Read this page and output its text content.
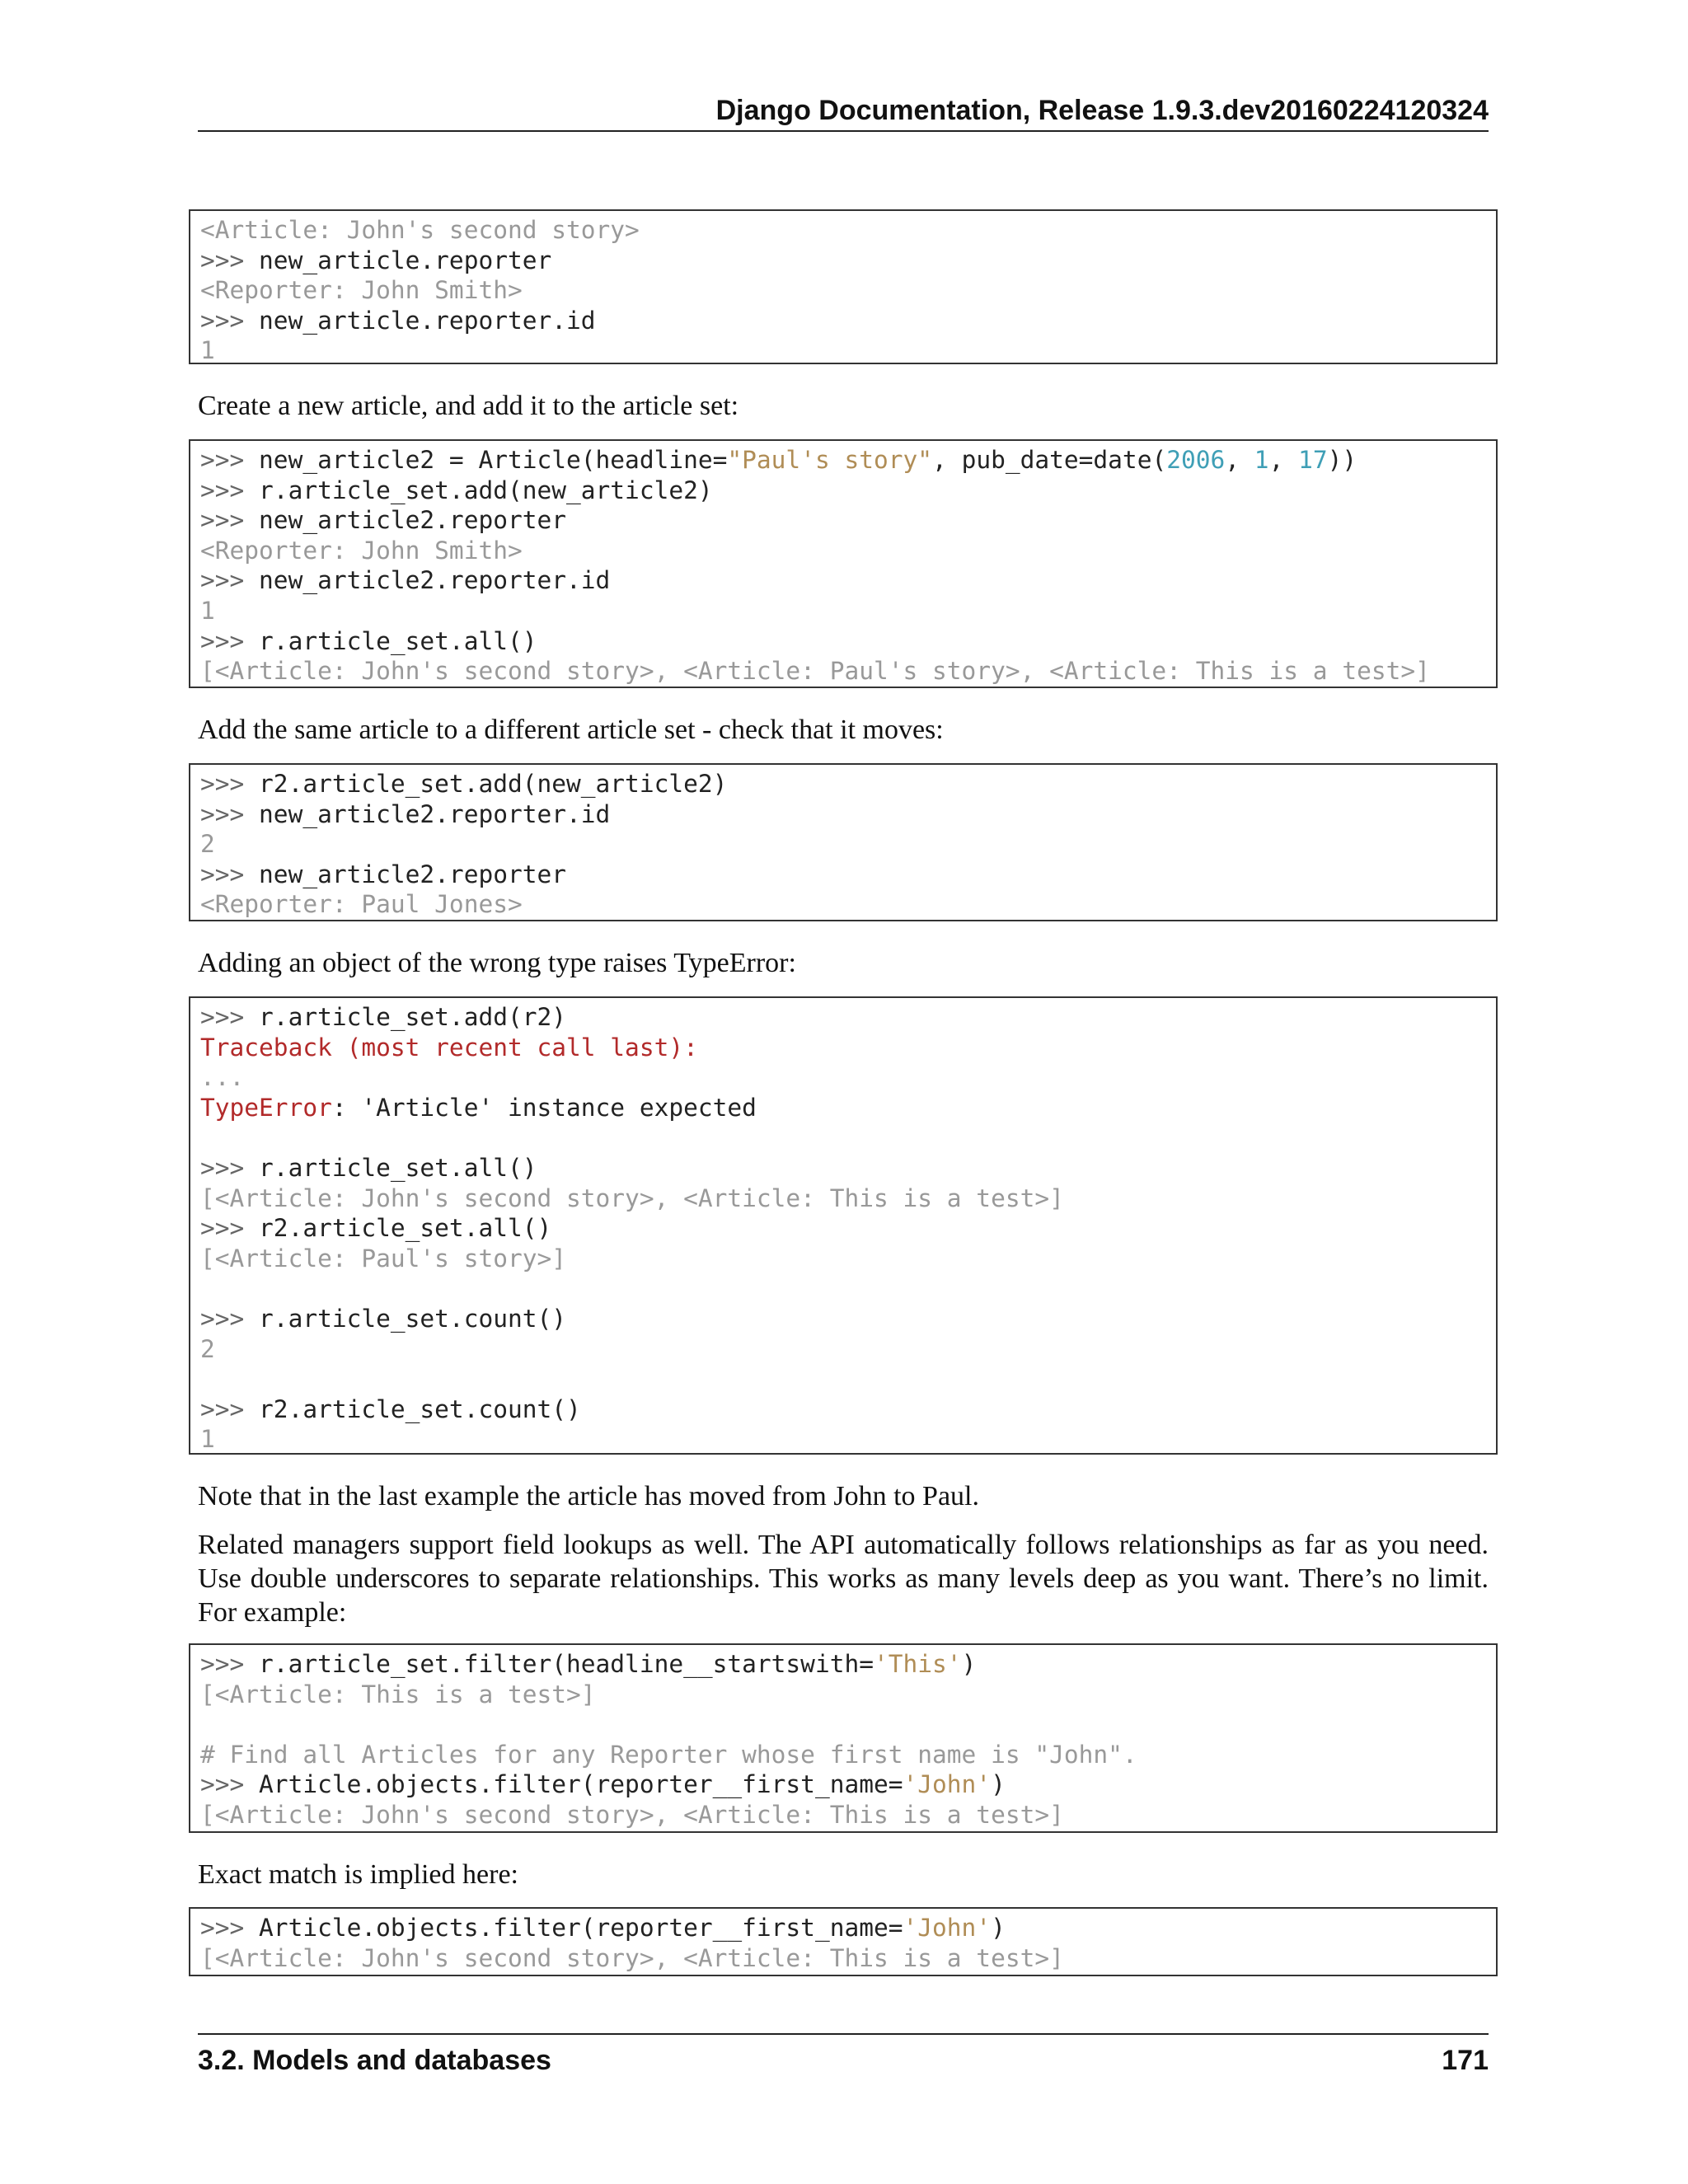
Django Documentation, Release 1.9.3.dev20160224120324
<Article: John's second story>
>>> new_article.reporter
<Reporter: John Smith>
>>> new_article.reporter.id
1
Create a new article, and add it to the article set:
>>> new_article2 = Article(headline="Paul's story", pub_date=date(2006, 1, 17))
>>> r.article_set.add(new_article2)
>>> new_article2.reporter
<Reporter: John Smith>
>>> new_article2.reporter.id
1
>>> r.article_set.all()
[<Article: John's second story>, <Article: Paul's story>, <Article: This is a test>]
Add the same article to a different article set - check that it moves:
>>> r2.article_set.add(new_article2)
>>> new_article2.reporter.id
2
>>> new_article2.reporter
<Reporter: Paul Jones>
Adding an object of the wrong type raises TypeError:
>>> r.article_set.add(r2)
Traceback (most recent call last):
...
TypeError: 'Article' instance expected

>>> r.article_set.all()
[<Article: John's second story>, <Article: This is a test>]
>>> r2.article_set.all()
[<Article: Paul's story>]

>>> r.article_set.count()
2

>>> r2.article_set.count()
1
Note that in the last example the article has moved from John to Paul.
Related managers support field lookups as well. The API automatically follows relationships as far as you need. Use double underscores to separate relationships. This works as many levels deep as you want. There’s no limit. For example:
>>> r.article_set.filter(headline__startswith='This')
[<Article: This is a test>]

# Find all Articles for any Reporter whose first name is "John".
>>> Article.objects.filter(reporter__first_name='John')
[<Article: John's second story>, <Article: This is a test>]
Exact match is implied here:
>>> Article.objects.filter(reporter__first_name='John')
[<Article: John's second story>, <Article: This is a test>]
3.2. Models and databases	171
